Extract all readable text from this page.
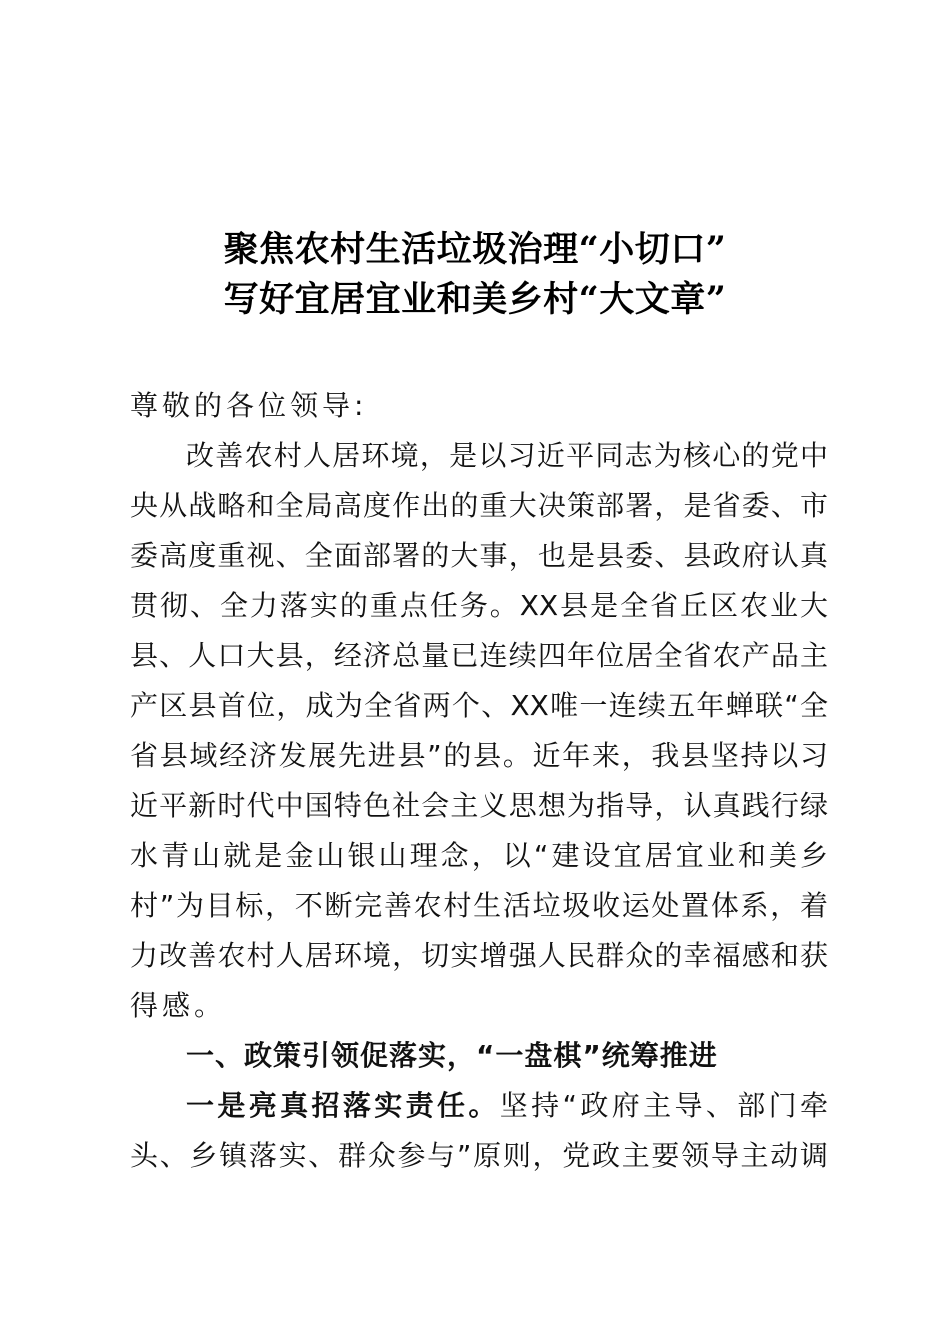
聚焦农村生活垃圾治理“小切口”
写好宜居宜业和美乡村“大文章”
尊敬的各位领导:
改善农村人居环境，是以习近平同志为核心的党中
央从战略和全局高度作出的重大决策部署，是省委、市
委高度重视、全面部署的大事，也是县委、县政府认真
贯彻、全力落实的重点任务。XX县是全省丘区农业大
县、人口大县，经济总量已连续四年位居全省农产品主
产区县首位，成为全省两个、XX唯一连续五年蝉联“全
省县域经济发展先进县”的县。近年来，我县坚持以习
近平新时代中国特色社会主义思想为指导，认真践行绿
水青山就是金山银山理念，以“建设宜居宜业和美乡
村”为目标，不断完善农村生活垃圾收运处置体系，着
力改善农村人居环境，切实增强人民群众的幸福感和获
得感。
一、政策引领促落实，“一盘棋”统筹推进
一是亮真招落实责任。坚持“政府主导、部门牵
头、乡镇落实、群众参与”原则，党政主要领导主动调
